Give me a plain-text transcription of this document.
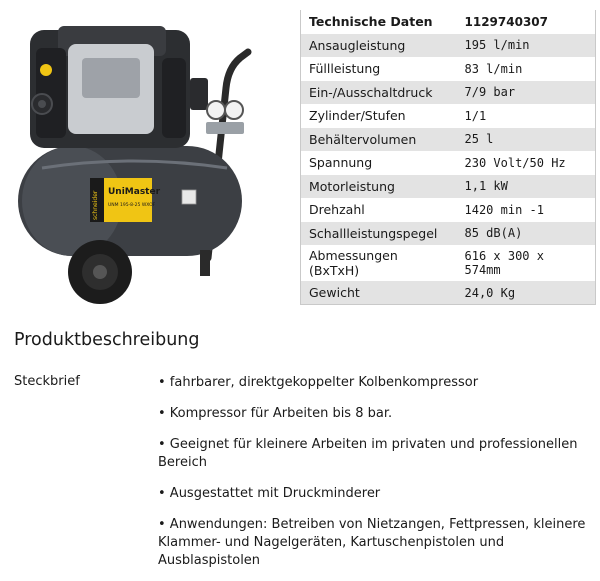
schneider UniMaster
UNM 195-8-25 WXOF
Technische Daten	1129740307
Ansaugleistung	195 l/min
Füllleistung	83 l/min
Ein-/Ausschaltdruck	7/9 bar
Zylinder/Stufen	1/1
Behältervolumen	25 l
Spannung	230 Volt/50 Hz
Motorleistung	1,1 kW
Drehzahl	1420 min -1
Schallleistungspegel	85 dB(A)
Abmessungen (BxTxH)	616 x 300 x 574mm
Gewicht	24,0 Kg
Produktbeschreibung
Steckbrief	• fahrbarer, direktgekoppelter Kolbenkompressor
• Kompressor für Arbeiten bis 8 bar.
• Geeignet für kleinere Arbeiten im privaten und professionellen Bereich
• Ausgestattet mit Druckminderer
• Anwendungen: Betreiben von Nietzangen, Fettpressen, kleinere Klammer- und Nagelgeräten, Kartuschenpistolen und Ausblaspistolen
